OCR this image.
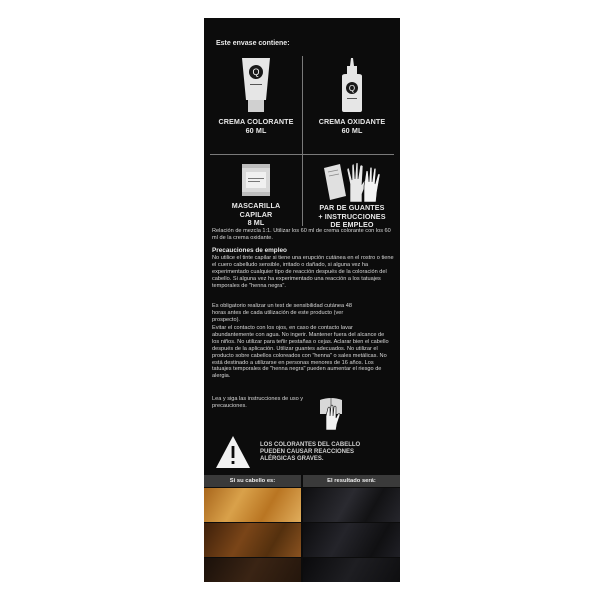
Este envase contiene:

Q
CREMA COLORANTE
60 ML
Q
CREMA OXIDANTE
60 ML
MASCARILLA
CAPILAR
8 ML
PAR DE GUANTES
+ INSTRUCCIONES
DE EMPLEO

Relación de mezcla 1:1. Utilizar los 60 ml de crema colorante con los 60 ml de la crema oxidante.

Precauciones de empleo

No utilice el tinte capilar si tiene una erupción cutánea en el rostro o tiene el cuero cabelludo sensible, irritado o dañado, si alguna vez ha experimentado cualquier tipo de reacción después de la coloración del cabello. Si alguna vez ha experimentado una reacción a los tatuajes temporales de "henna negra".

Es obligatorio realizar un test de sensibilidad cutánea 48 horas antes de cada utilización de este producto (ver prospecto).

Evitar el contacto con los ojos, en caso de contacto lavar abundantemente con agua. No ingerir. Mantener fuera del alcance de los niños. No utilizar para teñir pestañas o cejas. Aclarar bien el cabello después de la aplicación. Utilizar guantes adecuados. No utilizar el producto sobre cabellos coloreados con "henna" o sales metálicas. No está destinado a utilizarse en personas menores de 16 años. Los tatuajes temporales de "henna negra" pueden aumentar el riesgo de alergia.

Lea y siga las instrucciones de uso y precauciones.

LOS COLORANTES DEL CABELLO PUEDEN CAUSAR REACCIONES ALÉRGICAS GRAVES.

Si su cabello es:	El resultado será:
